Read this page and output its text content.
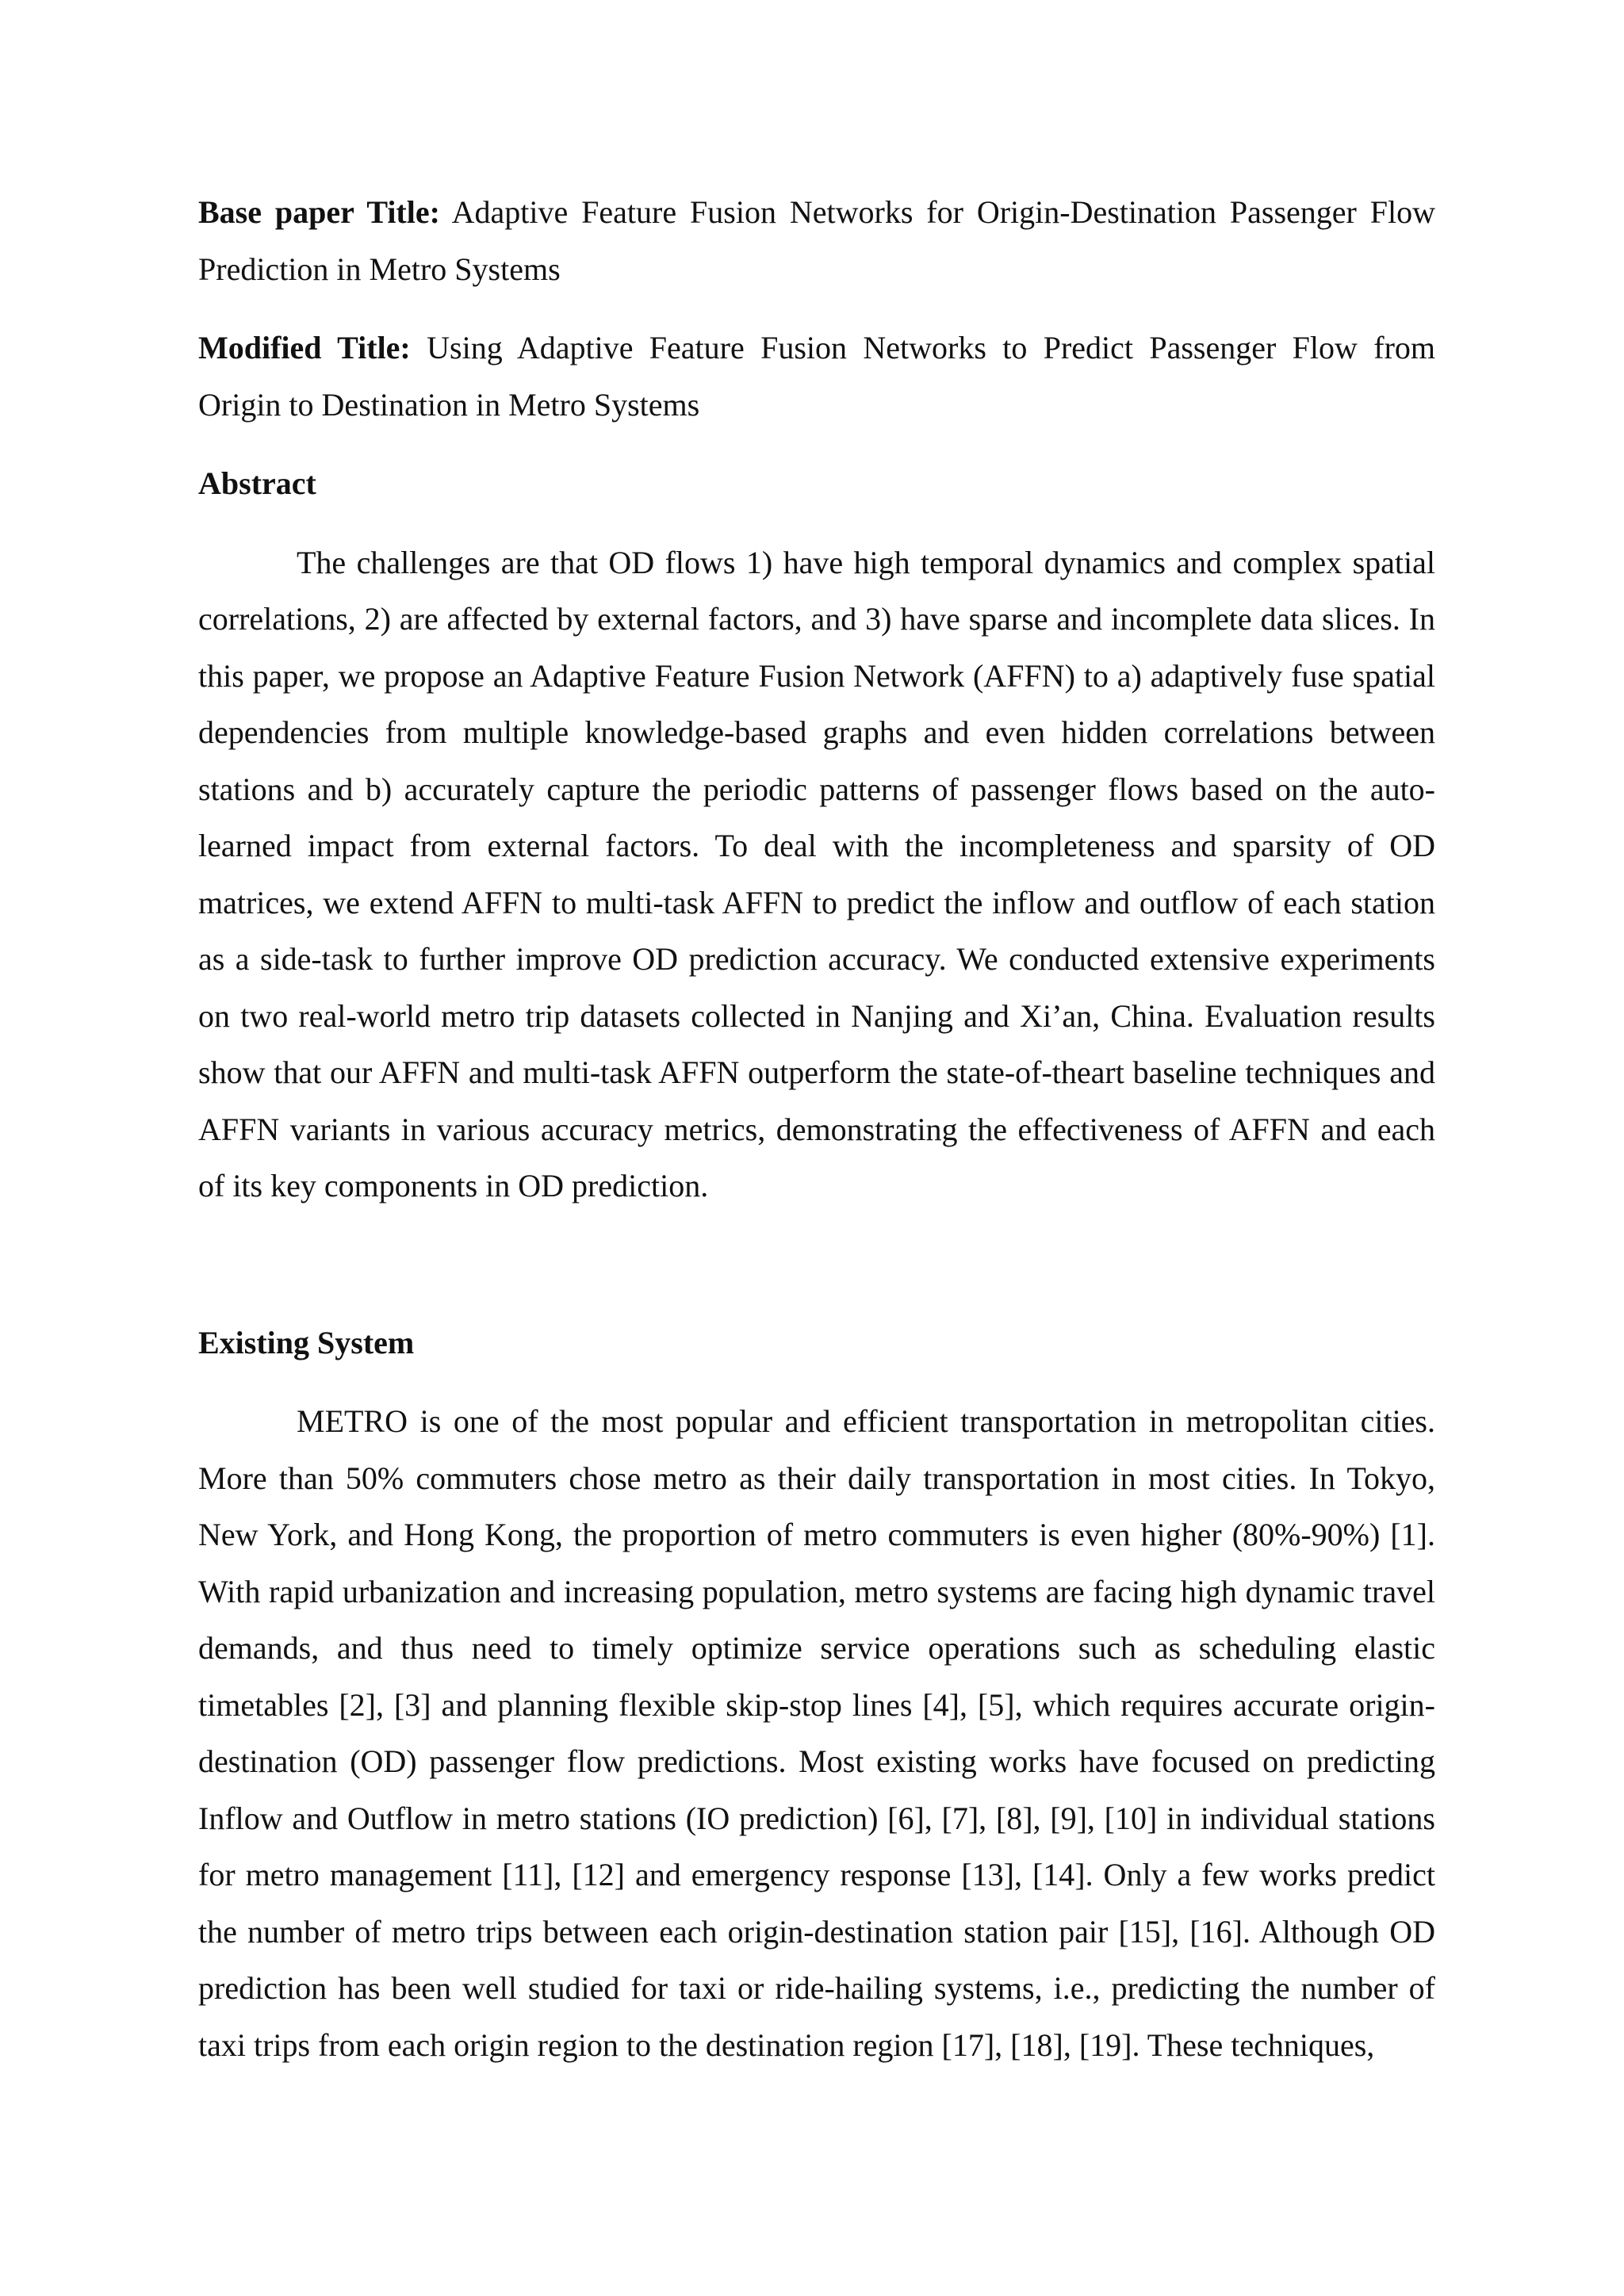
Base paper Title: Adaptive Feature Fusion Networks for Origin-Destination Passenger Flow Prediction in Metro Systems

Modified Title: Using Adaptive Feature Fusion Networks to Predict Passenger Flow from Origin to Destination in Metro Systems

Abstract

The challenges are that OD flows 1) have high temporal dynamics and complex spatial correlations, 2) are affected by external factors, and 3) have sparse and incomplete data slices. In this paper, we propose an Adaptive Feature Fusion Network (AFFN) to a) adaptively fuse spatial dependencies from multiple knowledge-based graphs and even hidden correlations between stations and b) accurately capture the periodic patterns of passenger flows based on the auto-learned impact from external factors. To deal with the incompleteness and sparsity of OD matrices, we extend AFFN to multi-task AFFN to predict the inflow and outflow of each station as a side-task to further improve OD prediction accuracy. We conducted extensive experiments on two real-world metro trip datasets collected in Nanjing and Xi’an, China. Evaluation results show that our AFFN and multi-task AFFN outperform the state-of-theart baseline techniques and AFFN variants in various accuracy metrics, demonstrating the effectiveness of AFFN and each of its key components in OD prediction.

Existing System

METRO is one of the most popular and efficient transportation in metropolitan cities. More than 50% commuters chose metro as their daily transportation in most cities. In Tokyo, New York, and Hong Kong, the proportion of metro commuters is even higher (80%-90%) [1]. With rapid urbanization and increasing population, metro systems are facing high dynamic travel demands, and thus need to timely optimize service operations such as scheduling elastic timetables [2], [3] and planning flexible skip-stop lines [4], [5], which requires accurate origin-destination (OD) passenger flow predictions. Most existing works have focused on predicting Inflow and Outflow in metro stations (IO prediction) [6], [7], [8], [9], [10] in individual stations for metro management [11], [12] and emergency response [13], [14]. Only a few works predict the number of metro trips between each origin-destination station pair [15], [16]. Although OD prediction has been well studied for taxi or ride-hailing systems, i.e., predicting the number of taxi trips from each origin region to the destination region [17], [18], [19]. These techniques,
